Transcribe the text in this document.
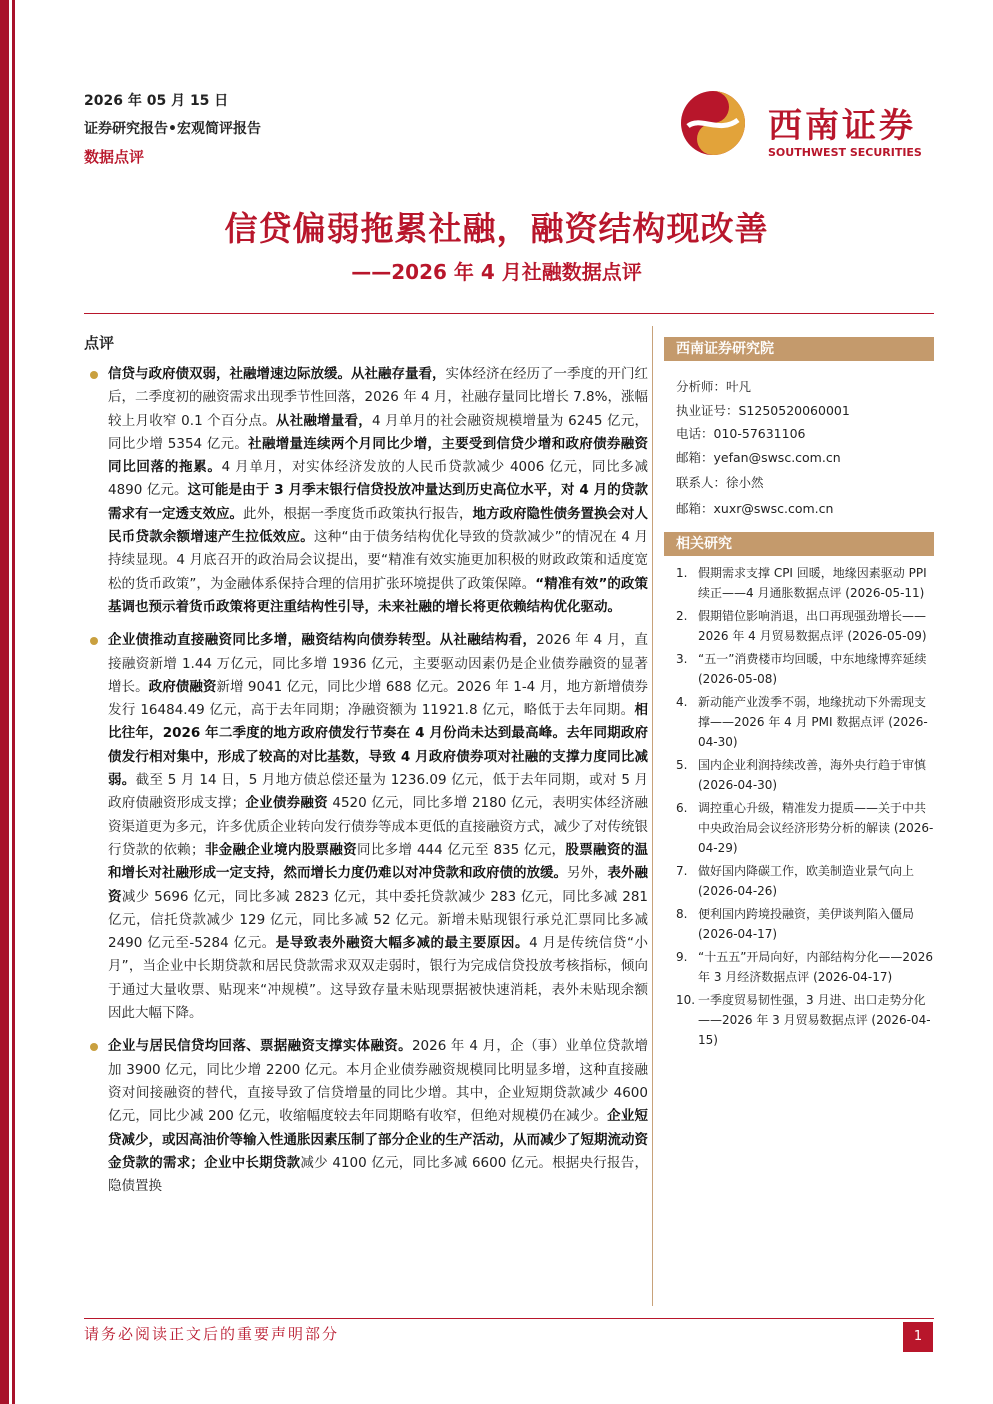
2026 年 05 月 15 日
证券研究报告•宏观简评报告
数据点评
西南证券
SOUTHWEST SECURITIES
信贷偏弱拖累社融，融资结构现改善
——2026 年 4 月社融数据点评
点评
信贷与政府债双弱，社融增速边际放缓。从社融存量看，实体经济在经历了一季度的开门红后，二季度初的融资需求出现季节性回落，2026 年 4 月，社融存量同比增长 7.8%，涨幅较上月收窄 0.1 个百分点。从社融增量看，4 月单月的社会融资规模增量为 6245 亿元，同比少增 5354 亿元。社融增量连续两个月同比少增，主要受到信贷少增和政府债券融资同比回落的拖累。4 月单月，对实体经济发放的人民币贷款减少 4006 亿元，同比多减 4890 亿元。这可能是由于 3 月季末银行信贷投放冲量达到历史高位水平，对 4 月的贷款需求有一定透支效应。此外，根据一季度货币政策执行报告，地方政府隐性债务置换会对人民币贷款余额增速产生拉低效应。这种“由于债务结构优化导致的贷款减少”的情况在 4 月持续显现。4 月底召开的政治局会议提出，要“精准有效实施更加积极的财政政策和适度宽松的货币政策”，为金融体系保持合理的信用扩张环境提供了政策保障。“精准有效”的政策基调也预示着货币政策将更注重结构性引导，未来社融的增长将更依赖结构优化驱动。
企业债推动直接融资同比多增，融资结构向债券转型。从社融结构看，2026 年 4 月，直接融资新增 1.44 万亿元，同比多增 1936 亿元，主要驱动因素仍是企业债券融资的显著增长。政府债融资新增 9041 亿元，同比少增 688 亿元。2026 年 1-4 月，地方新增债券发行 16484.49 亿元，高于去年同期；净融资额为 11921.8 亿元，略低于去年同期。相比往年，2026 年二季度的地方政府债发行节奏在 4 月份尚未达到最高峰。去年同期政府债发行相对集中，形成了较高的对比基数，导致 4 月政府债券项对社融的支撑力度同比减弱。截至 5 月 14 日，5 月地方债总偿还量为 1236.09 亿元，低于去年同期，或对 5 月政府债融资形成支撑；企业债券融资 4520 亿元，同比多增 2180 亿元，表明实体经济融资渠道更为多元，许多优质企业转向发行债券等成本更低的直接融资方式，减少了对传统银行贷款的依赖；非金融企业境内股票融资同比多增 444 亿元至 835 亿元，股票融资的温和增长对社融形成一定支持，然而增长力度仍难以对冲贷款和政府债的放缓。另外，表外融资减少 5696 亿元，同比多减 2823 亿元，其中委托贷款减少 283 亿元，同比多减 281 亿元，信托贷款减少 129 亿元，同比多减 52 亿元。新增未贴现银行承兑汇票同比多减 2490 亿元至-5284 亿元。是导致表外融资大幅多减的最主要原因。4 月是传统信贷“小月”，当企业中长期贷款和居民贷款需求双双走弱时，银行为完成信贷投放考核指标，倾向于通过大量收票、贴现来“冲规模”。这导致存量未贴现票据被快速消耗，表外未贴现余额因此大幅下降。
企业与居民信贷均回落、票据融资支撑实体融资。2026 年 4 月，企（事）业单位贷款增加 3900 亿元，同比少增 2200 亿元。本月企业债券融资规模同比明显多增，这种直接融资对间接融资的替代，直接导致了信贷增量的同比少增。其中，企业短期贷款减少 4600 亿元，同比少减 200 亿元，收缩幅度较去年同期略有收窄，但绝对规模仍在减少。企业短贷减少，或因高油价等输入性通胀因素压制了部分企业的生产活动，从而减少了短期流动资金贷款的需求；企业中长期贷款减少 4100 亿元，同比多减 6600 亿元。根据央行报告，隐债置换
西南证券研究院
分析师：叶凡
执业证号：S1250520060001
电话：010-57631106
邮箱：yefan@swsc.com.cn
联系人：徐小然
邮箱：xuxr@swsc.com.cn
相关研究
1. 假期需求支撑 CPI 回暖，地缘因素驱动 PPI 续正——4 月通胀数据点评 (2026-05-11)
2. 假期错位影响消退，出口再现强劲增长——2026 年 4 月贸易数据点评 (2026-05-09)
3. “五一”消费楼市均回暖，中东地缘博弈延续 (2026-05-08)
4. 新动能产业泼季不弱，地缘扰动下外需现支撑——2026 年 4 月 PMI 数据点评 (2026-04-30)
5. 国内企业利润持续改善，海外央行趋于审慎 (2026-04-30)
6. 调控重心升级，精准发力提质——关于中共中央政治局会议经济形势分析的解读 (2026-04-29)
7. 做好国内降碳工作，欧美制造业景气向上 (2026-04-26)
8. 便利国内跨境投融资，美伊谈判陷入僵局 (2026-04-17)
9. “十五五”开局向好，内部结构分化——2026 年 3 月经济数据点评 (2026-04-17)
10. 一季度贸易韧性强，3 月进、出口走势分化——2026 年 3 月贸易数据点评 (2026-04-15)
请务必阅读正文后的重要声明部分	1
